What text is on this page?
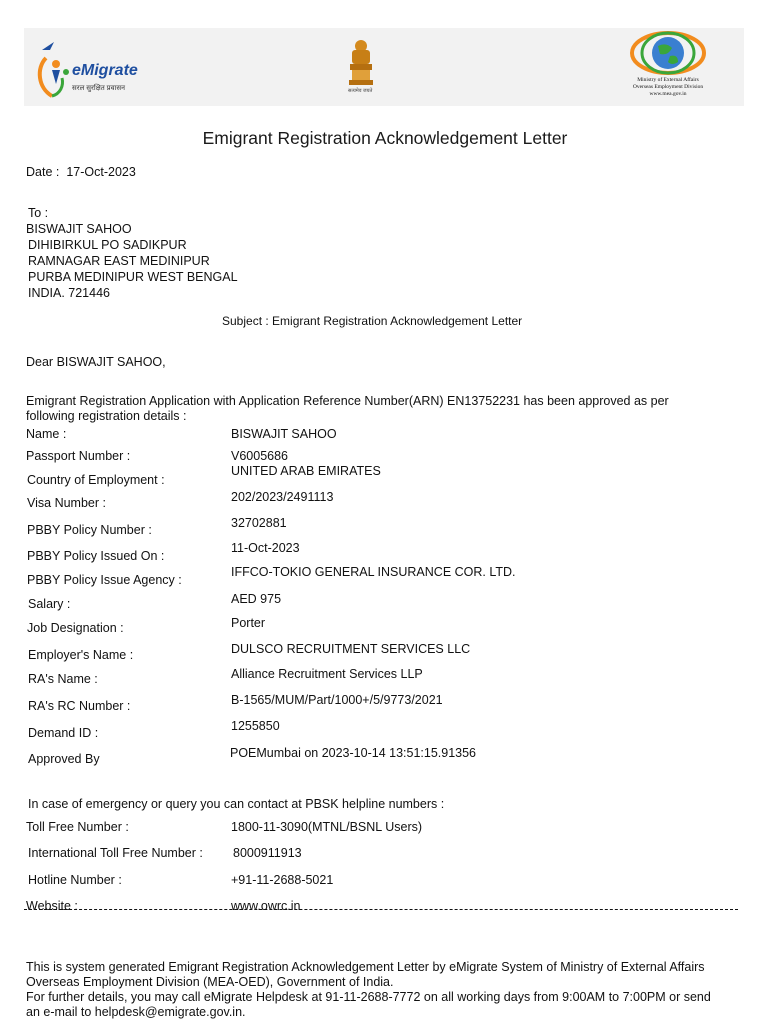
eMigrate
सरल सुरक्षित प्रवासन	सत्यमेव जयते
Ministry of External Affairs
Overseas Employment Division
www.mea.gov.in
Emigrant Registration Acknowledgement Letter
Date : 17-Oct-2023
To :
BISWAJIT SAHOO
DIHIBIRKUL PO SADIKPUR
RAMNAGAR EAST MEDINIPUR
PURBA MEDINIPUR WEST BENGAL
INDIA. 721446
Subject : Emigrant Registration Acknowledgement Letter
Dear BISWAJIT SAHOO,
Emigrant Registration Application with Application Reference Number(ARN) EN13752231 has been approved as per
following registration details :
Name :	BISWAJIT SAHOO
Passport Number :	V6005686
Country of Employment :
UNITED ARAB EMIRATES
Visa Number :	202/2023/2491113
PBBY Policy Number :	32702881
PBBY Policy Issued On :
11-Oct-2023
PBBY Policy Issue Agency :
IFFCO-TOKIO GENERAL INSURANCE COR. LTD.
Salary :	AED 975
Job Designation :	Porter
Employer's Name :	DULSCO RECRUITMENT SERVICES LLC
RA's Name :	Alliance Recruitment Services LLP
RA's RC Number :	B-1565/MUM/Part/1000+/5/9773/2021
Demand ID :	1255850
Approved By	POEMumbai on 2023-10-14 13:51:15.91356
In case of emergency or query you can contact at PBSK helpline numbers :
Toll Free Number :	1800-11-3090(MTNL/BSNL Users)
International Toll Free Number : 8000911913
Hotline Number :	+91-11-2688-5021
Website :	www.owrc.in
This is system generated Emigrant Registration Acknowledgement Letter by eMigrate System of Ministry of External Affairs
Overseas Employment Division (MEA-OED), Government of India.
For further details, you may call eMigrate Helpdesk at 91-11-2688-7772 on all working days from 9:00AM to 7:00PM or send
an e-mail to helpdesk@emigrate.gov.in.
